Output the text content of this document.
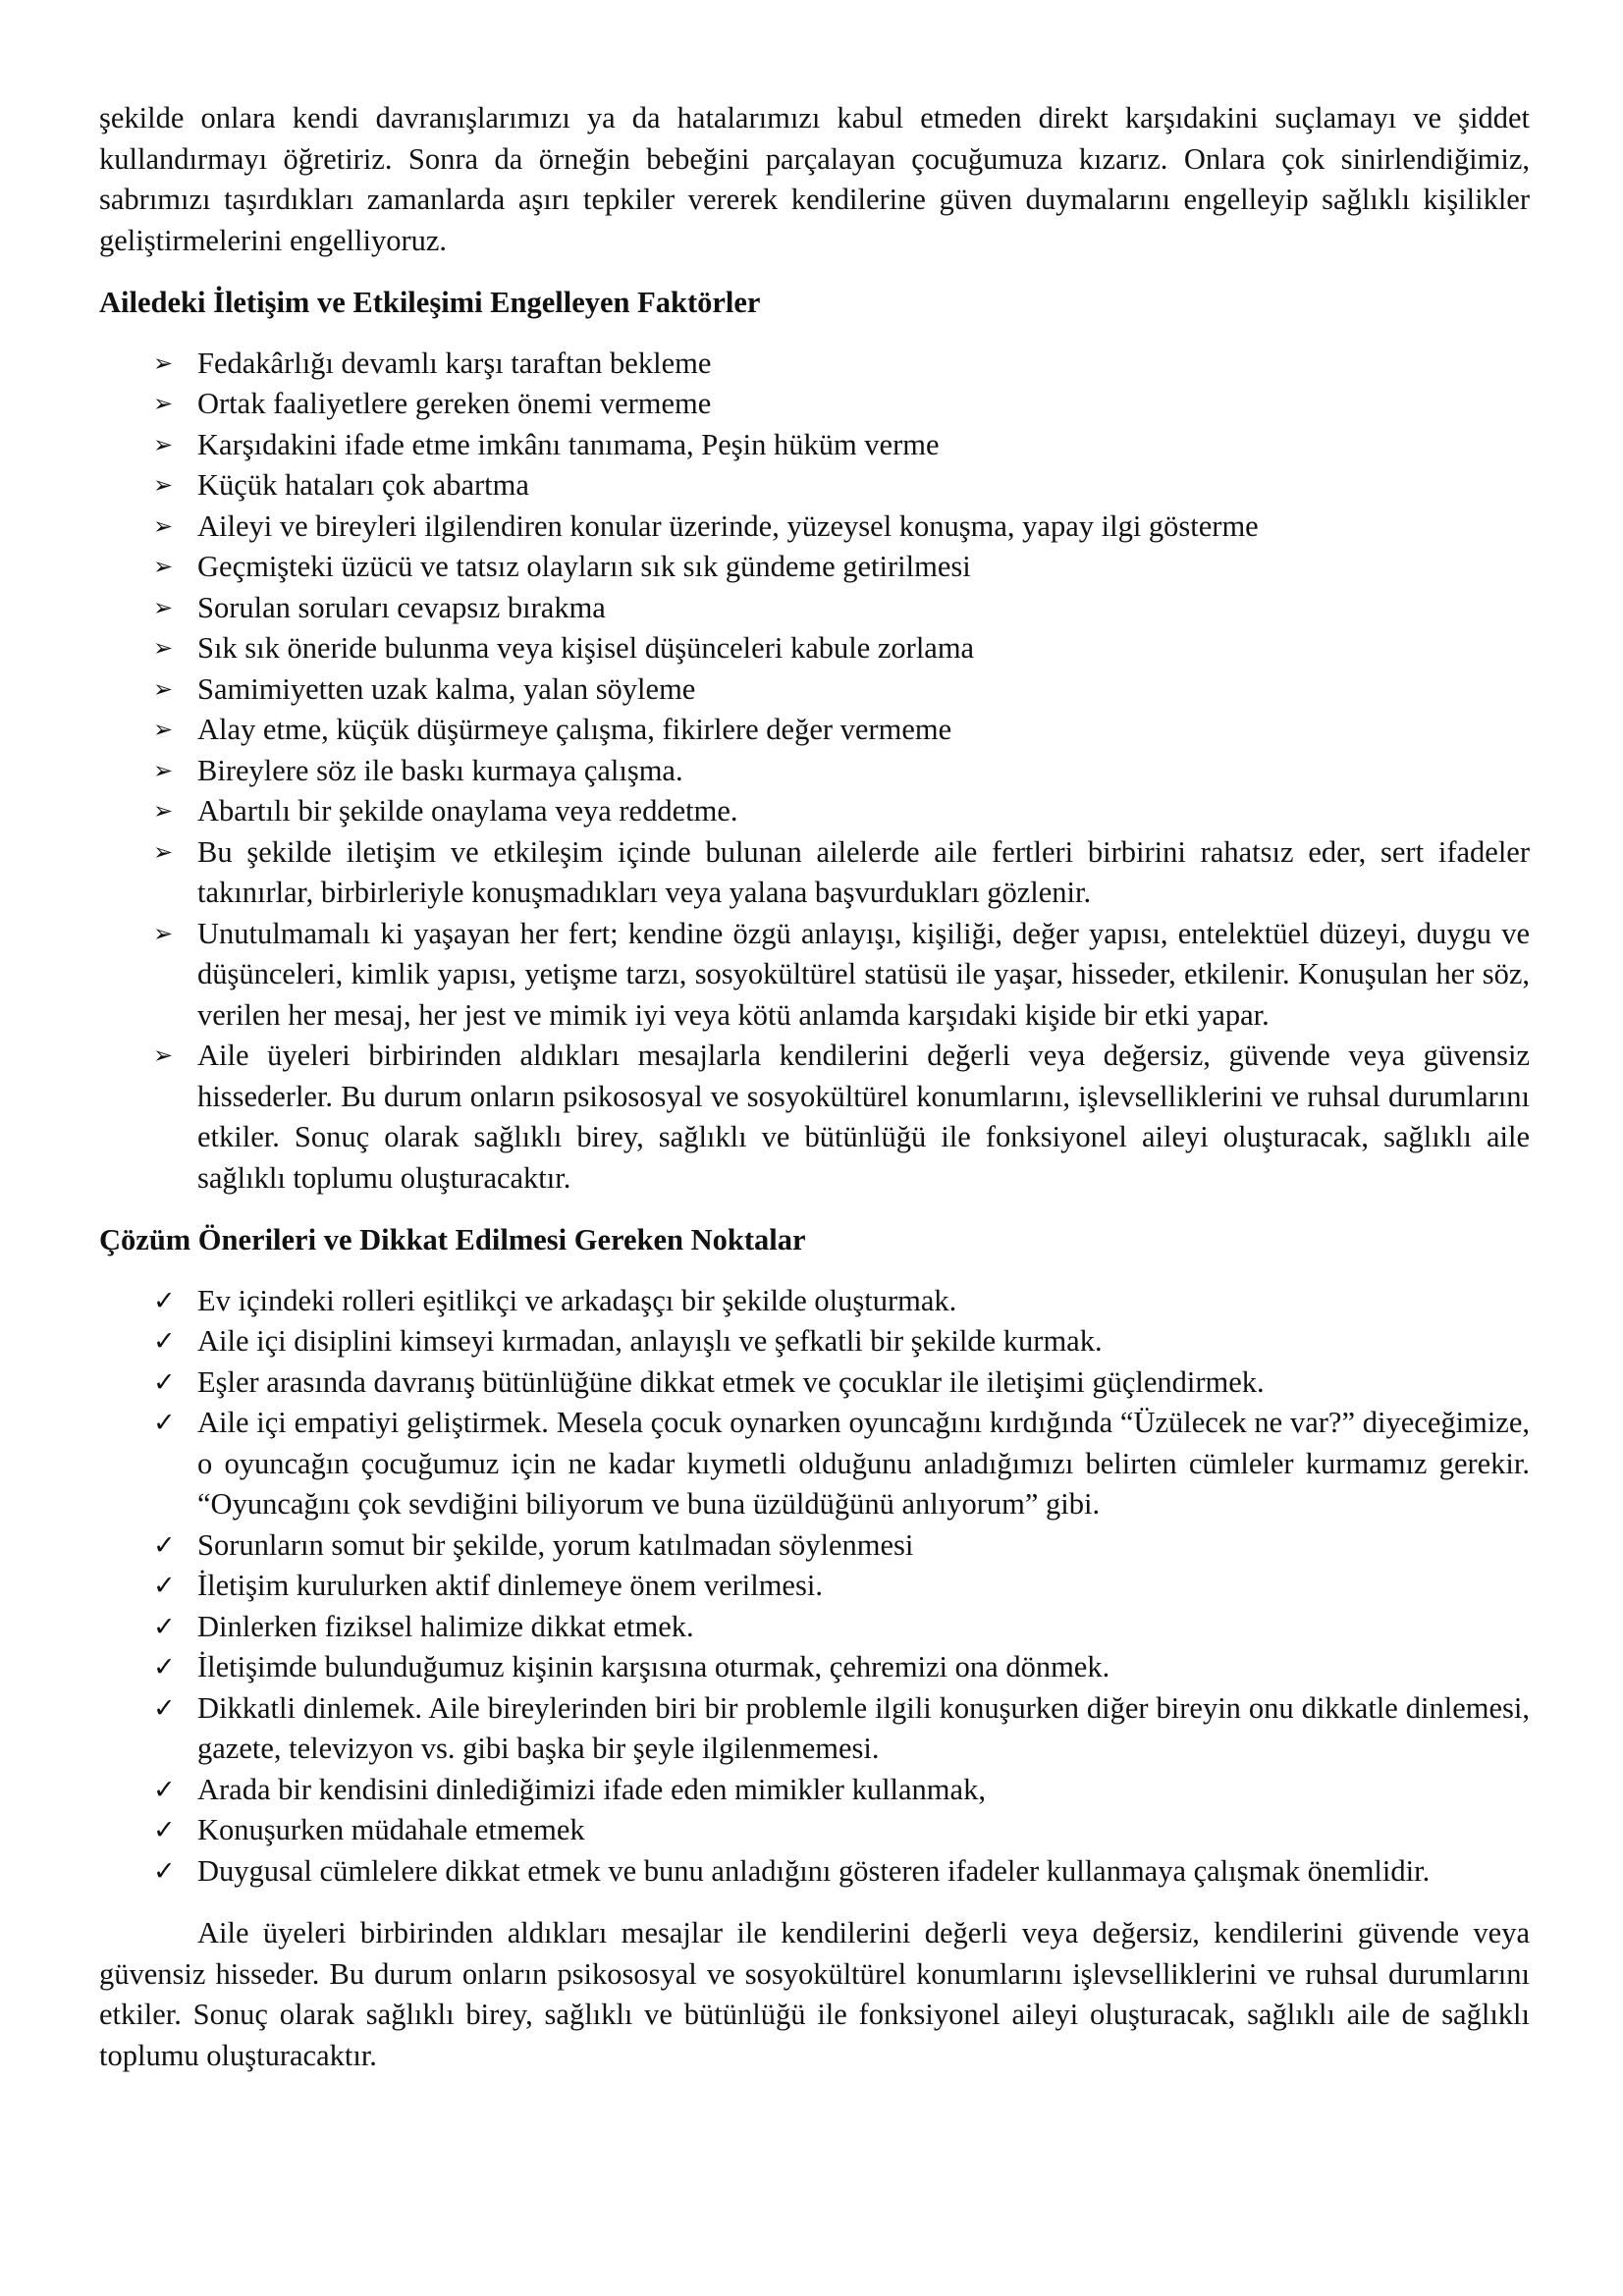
şekilde onlara kendi davranışlarımızı ya da hatalarımızı kabul etmeden direkt karşıdakini suçlamayı ve şiddet kullandırmayı öğretiriz. Sonra da örneğin bebeğini parçalayan çocuğumuza kızarız. Onlara çok sinirlendiğimiz, sabrımızı taşırdıkları zamanlarda aşırı tepkiler vererek kendilerine güven duymalarını engelleyip sağlıklı kişilikler geliştirmelerini engelliyoruz.

Ailedeki İletişim ve Etkileşimi Engelleyen Faktörler
➢ Fedakârlığı devamlı karşı taraftan bekleme
➢ Ortak faaliyetlere gereken önemi vermeme
➢ Karşıdakini ifade etme imkânı tanımama, Peşin hüküm verme
➢ Küçük hataları çok abartma
➢ Aileyi ve bireyleri ilgilendiren konular üzerinde, yüzeysel konuşma, yapay ilgi gösterme
➢ Geçmişteki üzücü ve tatsız olayların sık sık gündeme getirilmesi
➢ Sorulan soruları cevapsız bırakma
➢ Sık sık öneride bulunma veya kişisel düşünceleri kabule zorlama
➢ Samimiyetten uzak kalma, yalan söyleme
➢ Alay etme, küçük düşürmeye çalışma, fikirlere değer vermeme
➢ Bireylere söz ile baskı kurmaya çalışma.
➢ Abartılı bir şekilde onaylama veya reddetme.
➢ Bu şekilde iletişim ve etkileşim içinde bulunan ailelerde aile fertleri birbirini rahatsız eder, sert ifadeler takınırlar, birbirleriyle konuşmadıkları veya yalana başvurdukları gözlenir.
➢ Unutulmamalı ki yaşayan her fert; kendine özgü anlayışı, kişiliği, değer yapısı, entelektüel düzeyi, duygu ve düşünceleri, kimlik yapısı, yetişme tarzı, sosyokültürel statüsü ile yaşar, hisseder, etkilenir. Konuşulan her söz, verilen her mesaj, her jest ve mimik iyi veya kötü anlamda karşıdaki kişide bir etki yapar.
➢ Aile üyeleri birbirinden aldıkları mesajlarla kendilerini değerli veya değersiz, güvende veya güvensiz hissederler. Bu durum onların psikososyal ve sosyokültürel konumlarını, işlevselliklerini ve ruhsal durumlarını etkiler. Sonuç olarak sağlıklı birey, sağlıklı ve bütünlüğü ile fonksiyonel aileyi oluşturacak, sağlıklı aile sağlıklı toplumu oluşturacaktır.
Çözüm Önerileri ve Dikkat Edilmesi Gereken Noktalar
✓ Ev içindeki rolleri eşitlikçi ve arkadaşçı bir şekilde oluşturmak.
✓ Aile içi disiplini kimseyi kırmadan, anlayışlı ve şefkatli bir şekilde kurmak.
✓ Eşler arasında davranış bütünlüğüne dikkat etmek ve çocuklar ile iletişimi güçlendirmek.
✓ Aile içi empatiyi geliştirmek. Mesela çocuk oynarken oyuncağını kırdığında “Üzülecek ne var?” diyeceğimize, o oyuncağın çocuğumuz için ne kadar kıymetli olduğunu anladığımızı belirten cümleler kurmamız gerekir. “Oyuncağını çok sevdiğini biliyorum ve buna üzüldüğünü anlıyorum” gibi.
✓ Sorunların somut bir şekilde, yorum katılmadan söylenmesi
✓ İletişim kurulurken aktif dinlemeye önem verilmesi.
✓ Dinlerken fiziksel halimize dikkat etmek.
✓ İletişimde bulunduğumuz kişinin karşısına oturmak, çehremizi ona dönmek.
✓ Dikkatli dinlemek. Aile bireylerinden biri bir problemle ilgili konuşurken diğer bireyin onu dikkatle dinlemesi, gazete, televizyon vs. gibi başka bir şeyle ilgilenmemesi.
✓ Arada bir kendisini dinlediğimizi ifade eden mimikler kullanmak,
✓ Konuşurken müdahale etmemek
✓ Duygusal cümlelere dikkat etmek ve bunu anladığını gösteren ifadeler kullanmaya çalışmak önemlidir.

Aile üyeleri birbirinden aldıkları mesajlar ile kendilerini değerli veya değersiz, kendilerini güvende veya güvensiz hisseder. Bu durum onların psikososyal ve sosyokültürel konumlarını işlevselliklerini ve ruhsal durumlarını etkiler. Sonuç olarak sağlıklı birey, sağlıklı ve bütünlüğü ile fonksiyonel aileyi oluşturacak, sağlıklı aile de sağlıklı toplumu oluşturacaktır.
